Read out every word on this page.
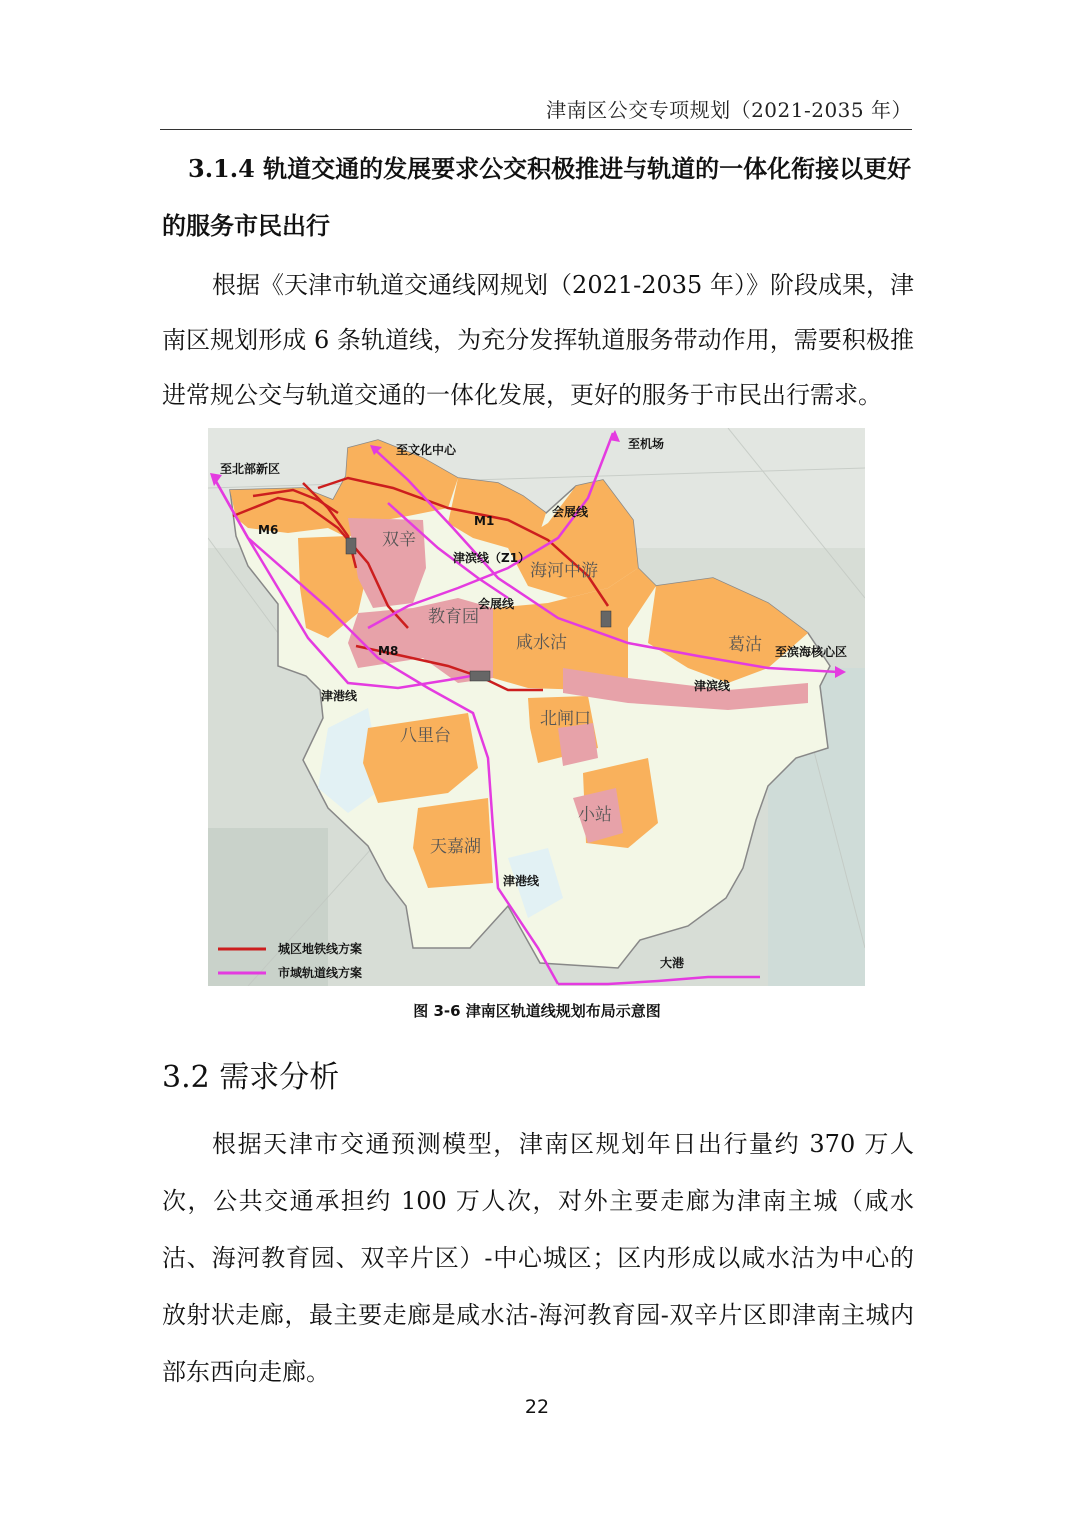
津南区公交专项规划（2021-2035 年）
3.1.4 轨道交通的发展要求公交积极推进与轨道的一体化衔接以更好的服务市民出行

根据《天津市轨道交通线网规划（2021-2035 年）》阶段成果，津南区规划形成 6 条轨道线，为充分发挥轨道服务带动作用，需要积极推进常规公交与轨道交通的一体化发展，更好的服务于市民出行需求。

至北部新区
至文化中心	至机场
至滨海核心区
大港
M6
M1
M8
会展线
津滨线（Z1）
会展线
津滨线
津港线
津港线
双辛
海河中游
教育园
咸水沽	葛沽
北闸口
八里台
小站
天嘉湖
城区地铁线方案
市域轨道线方案
图 3-6 津南区轨道线规划布局示意图
3.2 需求分析

根据天津市交通预测模型，津南区规划年日出行量约 370 万人次，公共交通承担约 100 万人次，对外主要走廊为津南主城（咸水沽、海河教育园、双辛片区）-中心城区；区内形成以咸水沽为中心的放射状走廊，最主要走廊是咸水沽-海河教育园-双辛片区即津南主城内部东西向走廊。

22
